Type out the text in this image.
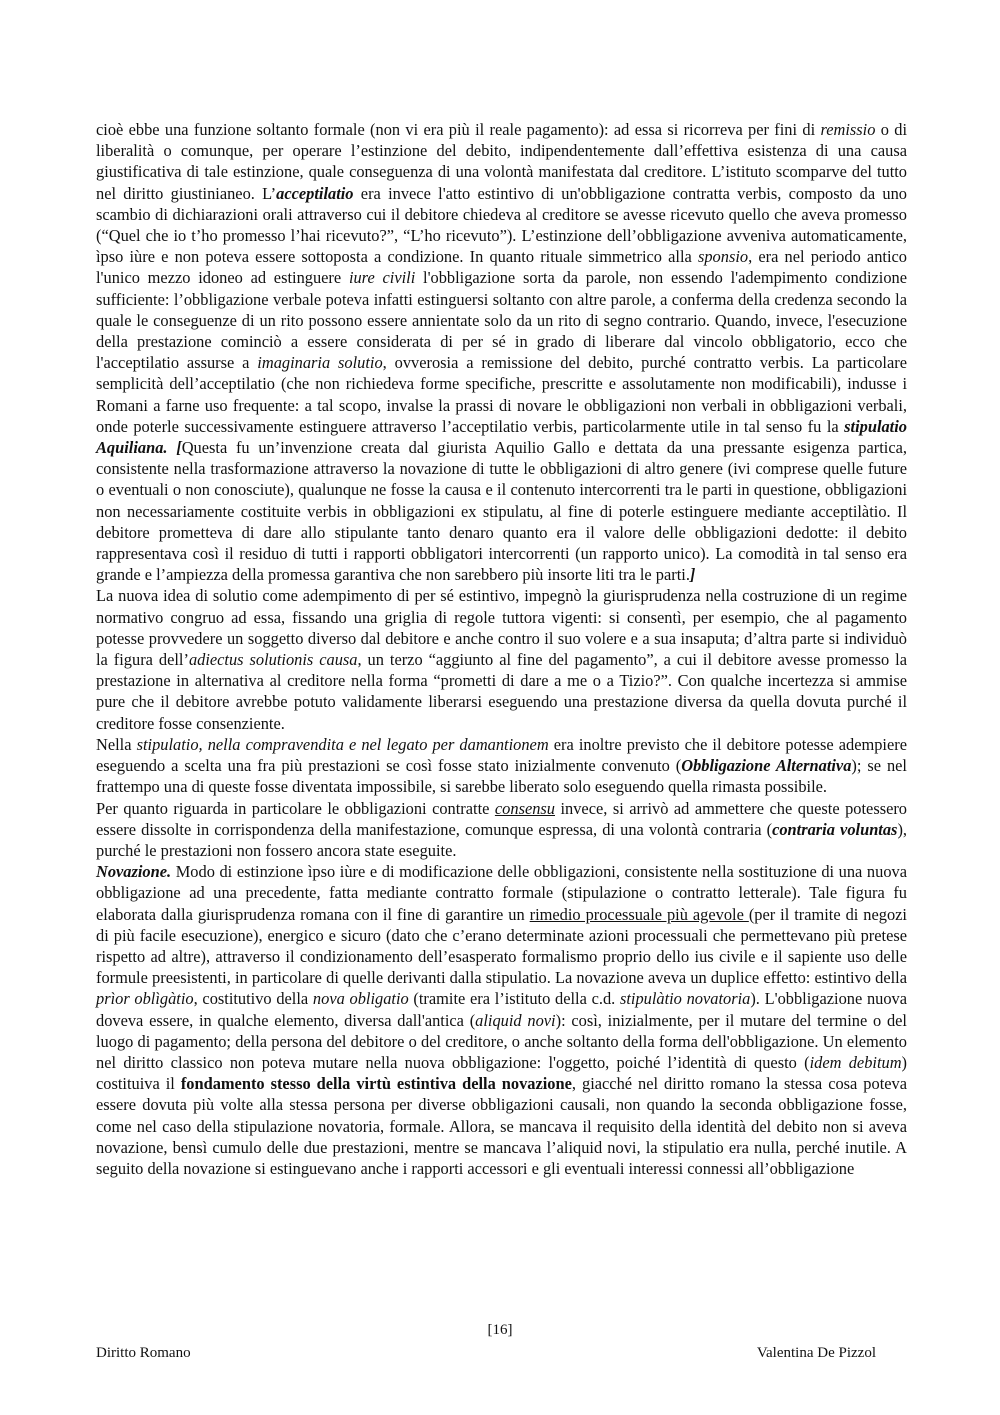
cioè ebbe una funzione soltanto formale (non vi era più il reale pagamento): ad essa si ricorreva per fini di remissio o di liberalità o comunque, per operare l’estinzione del debito, indipendentemente dall’effettiva esistenza di una causa giustificativa di tale estinzione, quale conseguenza di una volontà manifestata dal creditore. L’istituto scomparve del tutto nel diritto giustinianeo. L’acceptilatio era invece l'atto estintivo di un'obbligazione contratta verbis, composto da uno scambio di dichiarazioni orali attraverso cui il debitore chiedeva al creditore se avesse ricevuto quello che aveva promesso (“Quel che io t’ho promesso l’hai ricevuto?”, “L’ho ricevuto”). L’estinzione dell’obbligazione avveniva automaticamente, ìpso iùre e non poteva essere sottoposta a condizione. In quanto rituale simmetrico alla sponsio, era nel periodo antico l'unico mezzo idoneo ad estinguere iure civili l'obbligazione sorta da parole, non essendo l'adempimento condizione sufficiente: l’obbligazione verbale poteva infatti estinguersi soltanto con altre parole, a conferma della credenza secondo la quale le conseguenze di un rito possono essere annientate solo da un rito di segno contrario. Quando, invece, l'esecuzione della prestazione cominciò a essere considerata di per sé in grado di liberare dal vincolo obbligatorio, ecco che l'acceptilatio assurse a imaginaria solutio, ovverosia a remissione del debito, purché contratto verbis. La particolare semplicità dell’acceptilatio (che non richiedeva forme specifiche, prescritte e assolutamente non modificabili), indusse i Romani a farne uso frequente: a tal scopo, invalse la prassi di novare le obbligazioni non verbali in obbligazioni verbali, onde poterle successivamente estinguere attraverso l’acceptilatio verbis, particolarmente utile in tal senso fu la stipulatio Aquiliana. [Questa fu un’invenzione creata dal giurista Aquilio Gallo e dettata da una pressante esigenza partica, consistente nella trasformazione attraverso la novazione di tutte le obbligazioni di altro genere (ivi comprese quelle future o eventuali o non conosciute), qualunque ne fosse la causa e il contenuto intercorrenti tra le parti in questione, obbligazioni non necessariamente costituite verbis in obbligazioni ex stipulatu, al fine di poterle estinguere mediante acceptilàtio. Il debitore prometteva di dare allo stipulante tanto denaro quanto era il valore delle obbligazioni dedotte: il debito rappresentava così il residuo di tutti i rapporti obbligatori intercorrenti (un rapporto unico). La comodità in tal senso era grande e l’ampiezza della promessa garantiva che non sarebbero più insorte liti tra le parti.]

La nuova idea di solutio come adempimento di per sé estintivo, impegnò la giurisprudenza nella costruzione di un regime normativo congruo ad essa, fissando una griglia di regole tuttora vigenti: si consentì, per esempio, che al pagamento potesse provvedere un soggetto diverso dal debitore e anche contro il suo volere e a sua insaputa; d’altra parte si individuò la figura dell’adiectus solutionis causa, un terzo “aggiunto al fine del pagamento”, a cui il debitore avesse promesso la prestazione in alternativa al creditore nella forma “prometti di dare a me o a Tizio?”. Con qualche incertezza si ammise pure che il debitore avrebbe potuto validamente liberarsi eseguendo una prestazione diversa da quella dovuta purché il creditore fosse consenziente.

Nella stipulatio, nella compravendita e nel legato per damantionem era inoltre previsto che il debitore potesse adempiere eseguendo a scelta una fra più prestazioni se così fosse stato inizialmente convenuto (Obbligazione Alternativa); se nel frattempo una di queste fosse diventata impossibile, si sarebbe liberato solo eseguendo quella rimasta possibile.

Per quanto riguarda in particolare le obbligazioni contratte consensu invece, si arrivò ad ammettere che queste potessero essere dissolte in corrispondenza della manifestazione, comunque espressa, di una volontà contraria (contraria voluntas), purché le prestazioni non fossero ancora state eseguite.

Novazione. Modo di estinzione ìpso iùre e di modificazione delle obbligazioni, consistente nella sostituzione di una nuova obbligazione ad una precedente, fatta mediante contratto formale (stipulazione o contratto letterale). Tale figura fu elaborata dalla giurisprudenza romana con il fine di garantire un rimedio processuale più agevole (per il tramite di negozi di più facile esecuzione), energico e sicuro (dato che c’erano determinate azioni processuali che permettevano più pretese rispetto ad altre), attraverso il condizionamento dell’esasperato formalismo proprio dello ius civile e il sapiente uso delle formule preesistenti, in particolare di quelle derivanti dalla stipulatio. La novazione aveva un duplice effetto: estintivo della prìor oblìgàtio, costitutivo della nova obligatio (tramite era l’istituto della c.d. stipulàtio novatoria). L'obbligazione nuova doveva essere, in qualche elemento, diversa dall'antica (aliquid novi): così, inizialmente, per il mutare del termine o del luogo di pagamento; della persona del debitore o del creditore, o anche soltanto della forma dell'obbligazione. Un elemento nel diritto classico non poteva mutare nella nuova obbligazione: l'oggetto, poiché l’identità di questo (idem debitum) costituiva il fondamento stesso della virtù estintiva della novazione, giacché nel diritto romano la stessa cosa poteva essere dovuta più volte alla stessa persona per diverse obbligazioni causali, non quando la seconda obbligazione fosse, come nel caso della stipulazione novatoria, formale. Allora, se mancava il requisito della identità del debito non si aveva novazione, bensì cumulo delle due prestazioni, mentre se mancava l’aliquid novi, la stipulatio era nulla, perché inutile. A seguito della novazione si estinguevano anche i rapporti accessori e gli eventuali interessi connessi all’obbligazione

[16]
Diritto Romano	Valentina De Pizzol
